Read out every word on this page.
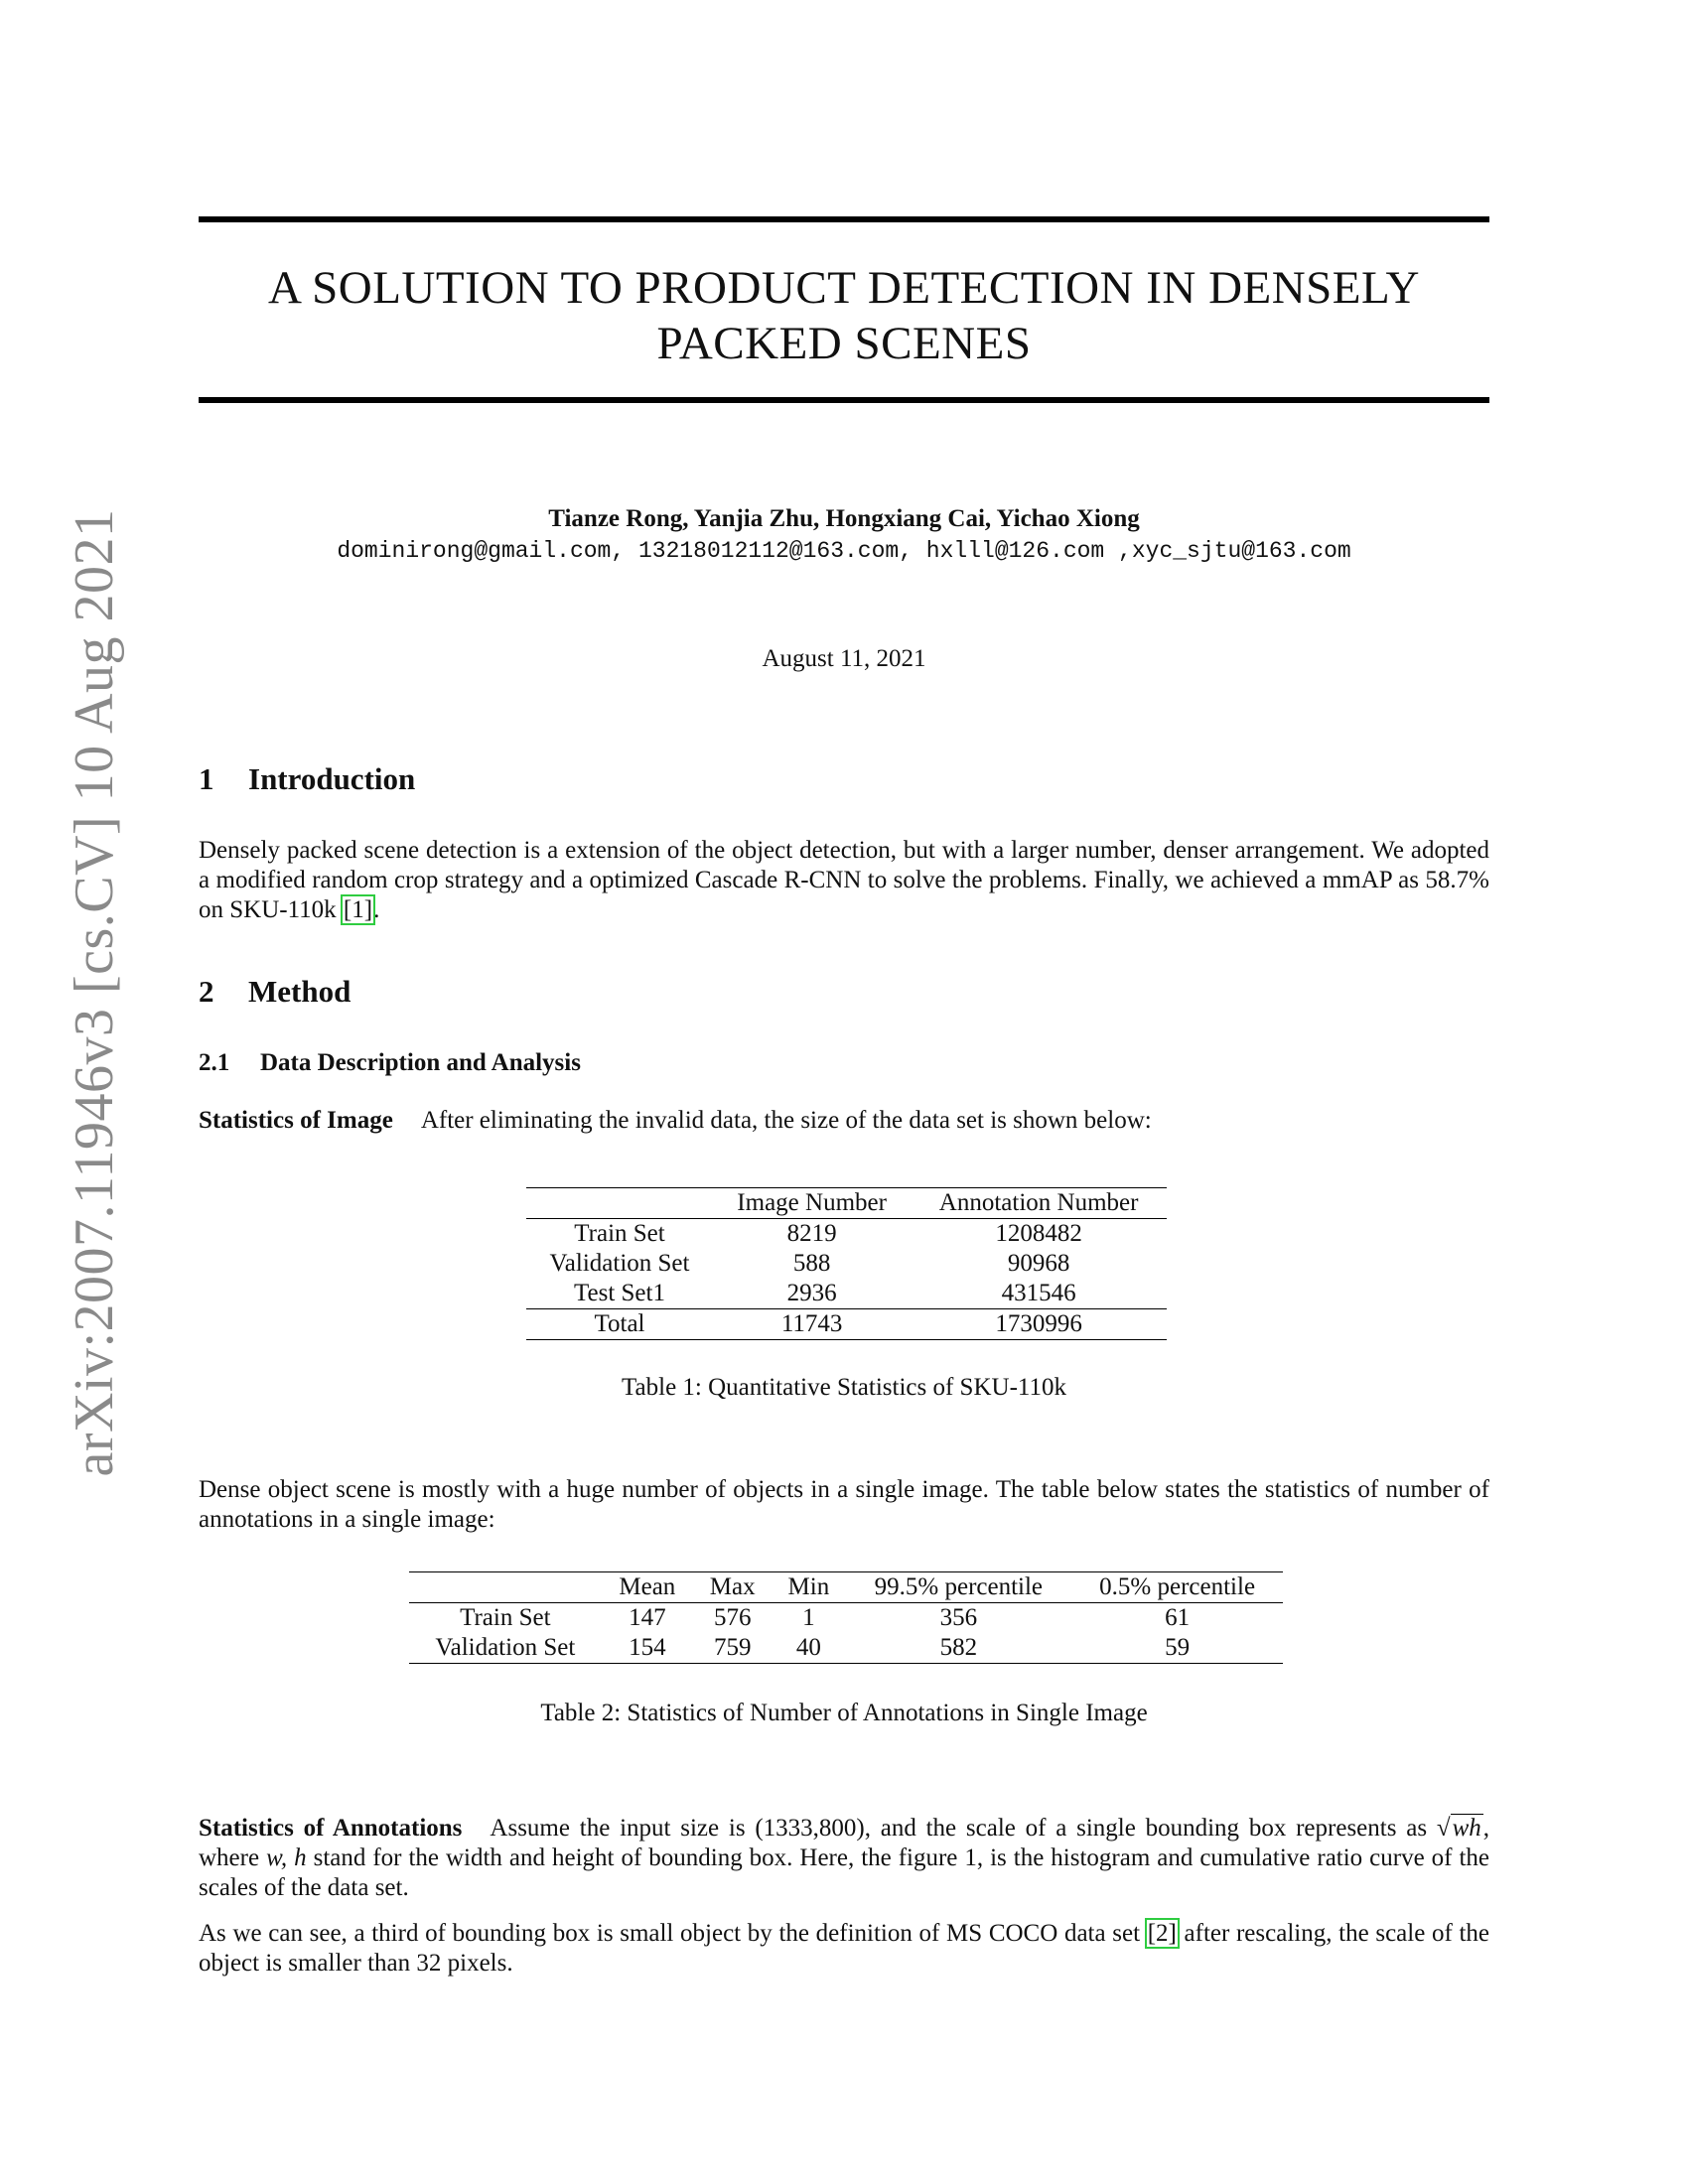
arXiv:2007.11946v3 [cs.CV] 10 Aug 2021
A SOLUTION TO PRODUCT DETECTION IN DENSELY
PACKED SCENES
Tianze Rong, Yanjia Zhu, Hongxiang Cai, Yichao Xiong
dominirong@gmail.com, 13218012112@163.com, hxlll@126.com ,xyc_sjtu@163.com
August 11, 2021
1 Introduction
Densely packed scene detection is a extension of the object detection, but with a larger number, denser arrangement. We adopted a modified random crop strategy and a optimized Cascade R-CNN to solve the problems. Finally, we achieved a mmAP as 58.7% on SKU-110k [1].
2 Method
2.1 Data Description and Analysis
Statistics of Image After eliminating the invalid data, the size of the data set is shown below:
	Image Number	Annotation Number
Train Set	8219	1208482
Validation Set	588	90968
Test Set1	2936	431546
Total	11743	1730996
Table 1: Quantitative Statistics of SKU-110k
Dense object scene is mostly with a huge number of objects in a single image. The table below states the statistics of number of annotations in a single image:
	Mean	Max	Min	99.5% percentile	0.5% percentile
Train Set	147	576	1	356	61
Validation Set	154	759	40	582	59
Table 2: Statistics of Number of Annotations in Single Image
Statistics of Annotations Assume the input size is (1333,800), and the scale of a single bounding box represents as √wh, where w, h stand for the width and height of bounding box. Here, the figure 1, is the histogram and cumulative ratio curve of the scales of the data set.
As we can see, a third of bounding box is small object by the definition of MS COCO data set [2] after rescaling, the scale of the object is smaller than 32 pixels.
